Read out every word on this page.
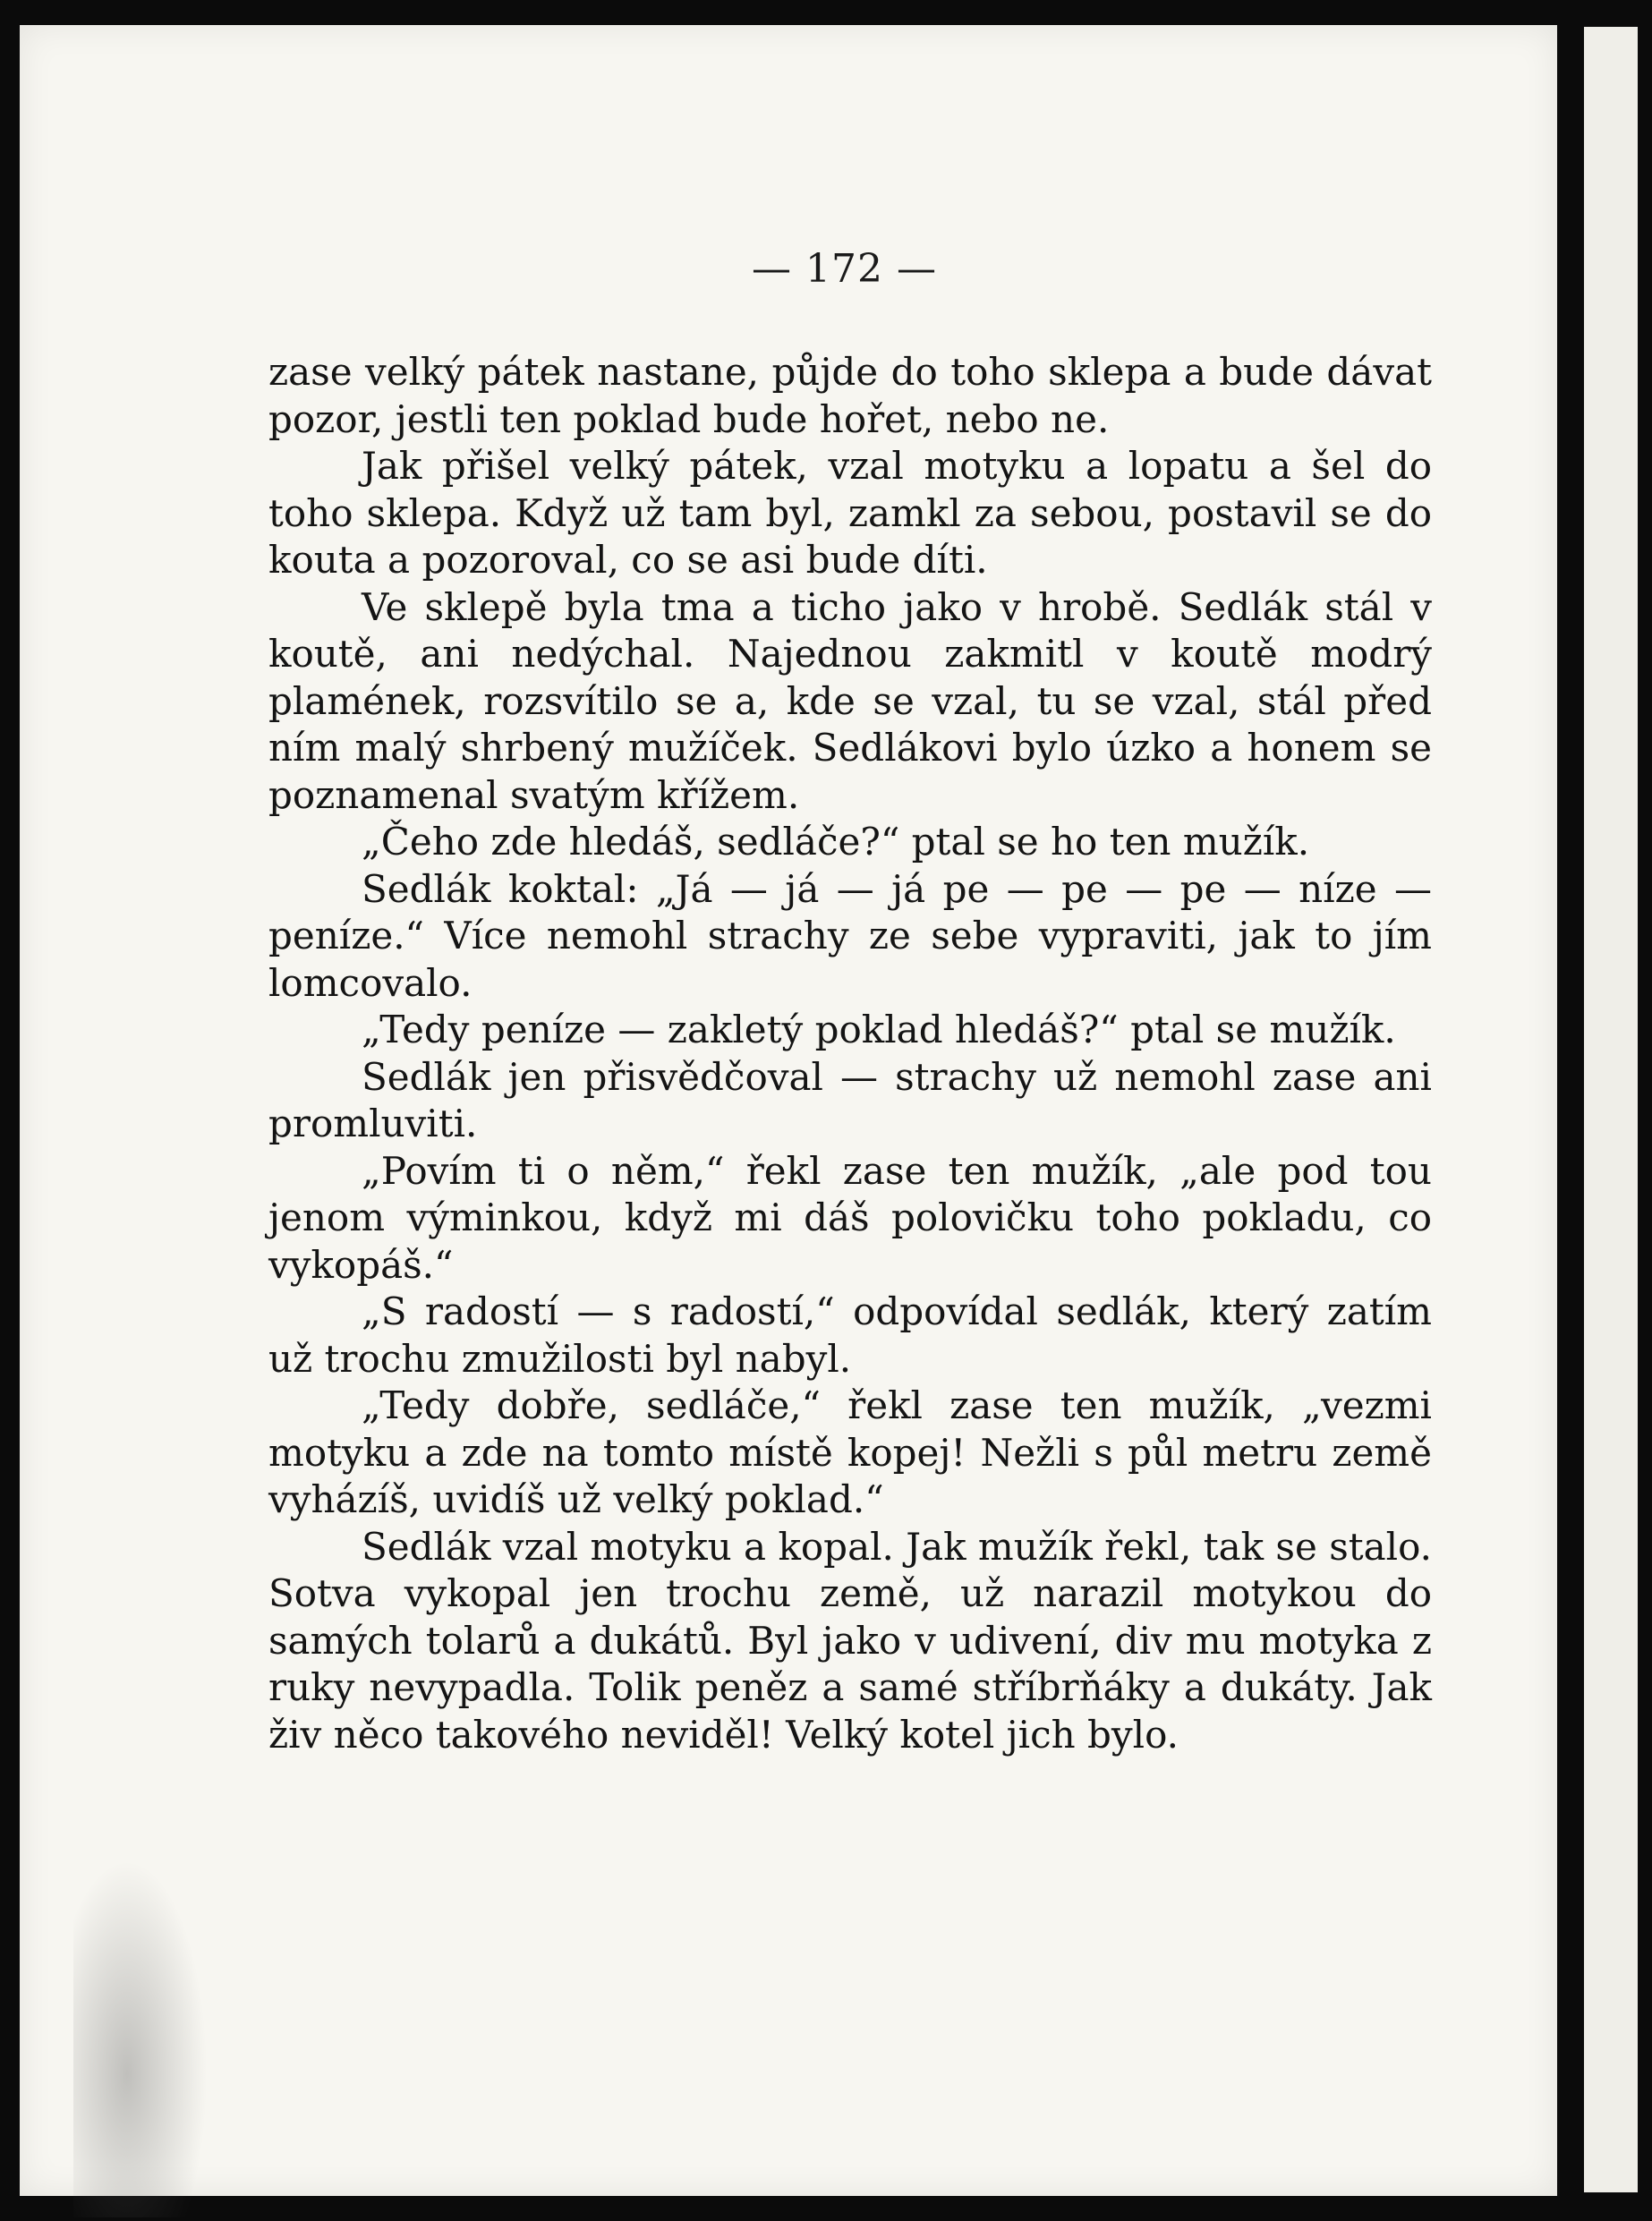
— 172 —

zase velký pátek nastane, půjde do toho sklepa a bude dávat pozor, jestli ten poklad bude hořet, nebo ne.

Jak přišel velký pátek, vzal motyku a lopatu a šel do toho sklepa. Když už tam byl, zamkl za sebou, postavil se do kouta a pozoroval, co se asi bude díti.

Ve sklepě byla tma a ticho jako v hrobě. Sedlák stál v koutě, ani nedýchal. Najednou zakmitl v koutě modrý plamének, rozsvítilo se a, kde se vzal, tu se vzal, stál před ním malý shrbený mužíček. Sedlákovi bylo úzko a honem se poznamenal svatým křížem.

„Čeho zde hledáš, sedláče?“ ptal se ho ten mužík.

Sedlák koktal: „Já — já — já pe — pe — pe — níze — peníze.“ Více nemohl strachy ze sebe vypraviti, jak to jím lomcovalo.

„Tedy peníze — zakletý poklad hledáš?“ ptal se mužík.

Sedlák jen přisvědčoval — strachy už nemohl zase ani promluviti.

„Povím ti o něm,“ řekl zase ten mužík, „ale pod tou jenom výminkou, když mi dáš polovičku toho pokladu, co vykopáš.“

„S radostí — s radostí,“ odpovídal sedlák, který zatím už trochu zmužilosti byl nabyl.

„Tedy dobře, sedláče,“ řekl zase ten mužík, „vezmi motyku a zde na tomto místě kopej! Nežli s půl metru země vyházíš, uvidíš už velký poklad.“

Sedlák vzal motyku a kopal. Jak mužík řekl, tak se stalo. Sotva vykopal jen trochu země, už narazil motykou do samých tolarů a dukátů. Byl jako v udivení, div mu motyka z ruky nevypadla. Tolik peněz a samé stříbrňáky a dukáty. Jak živ něco takového neviděl! Velký kotel jich bylo.
